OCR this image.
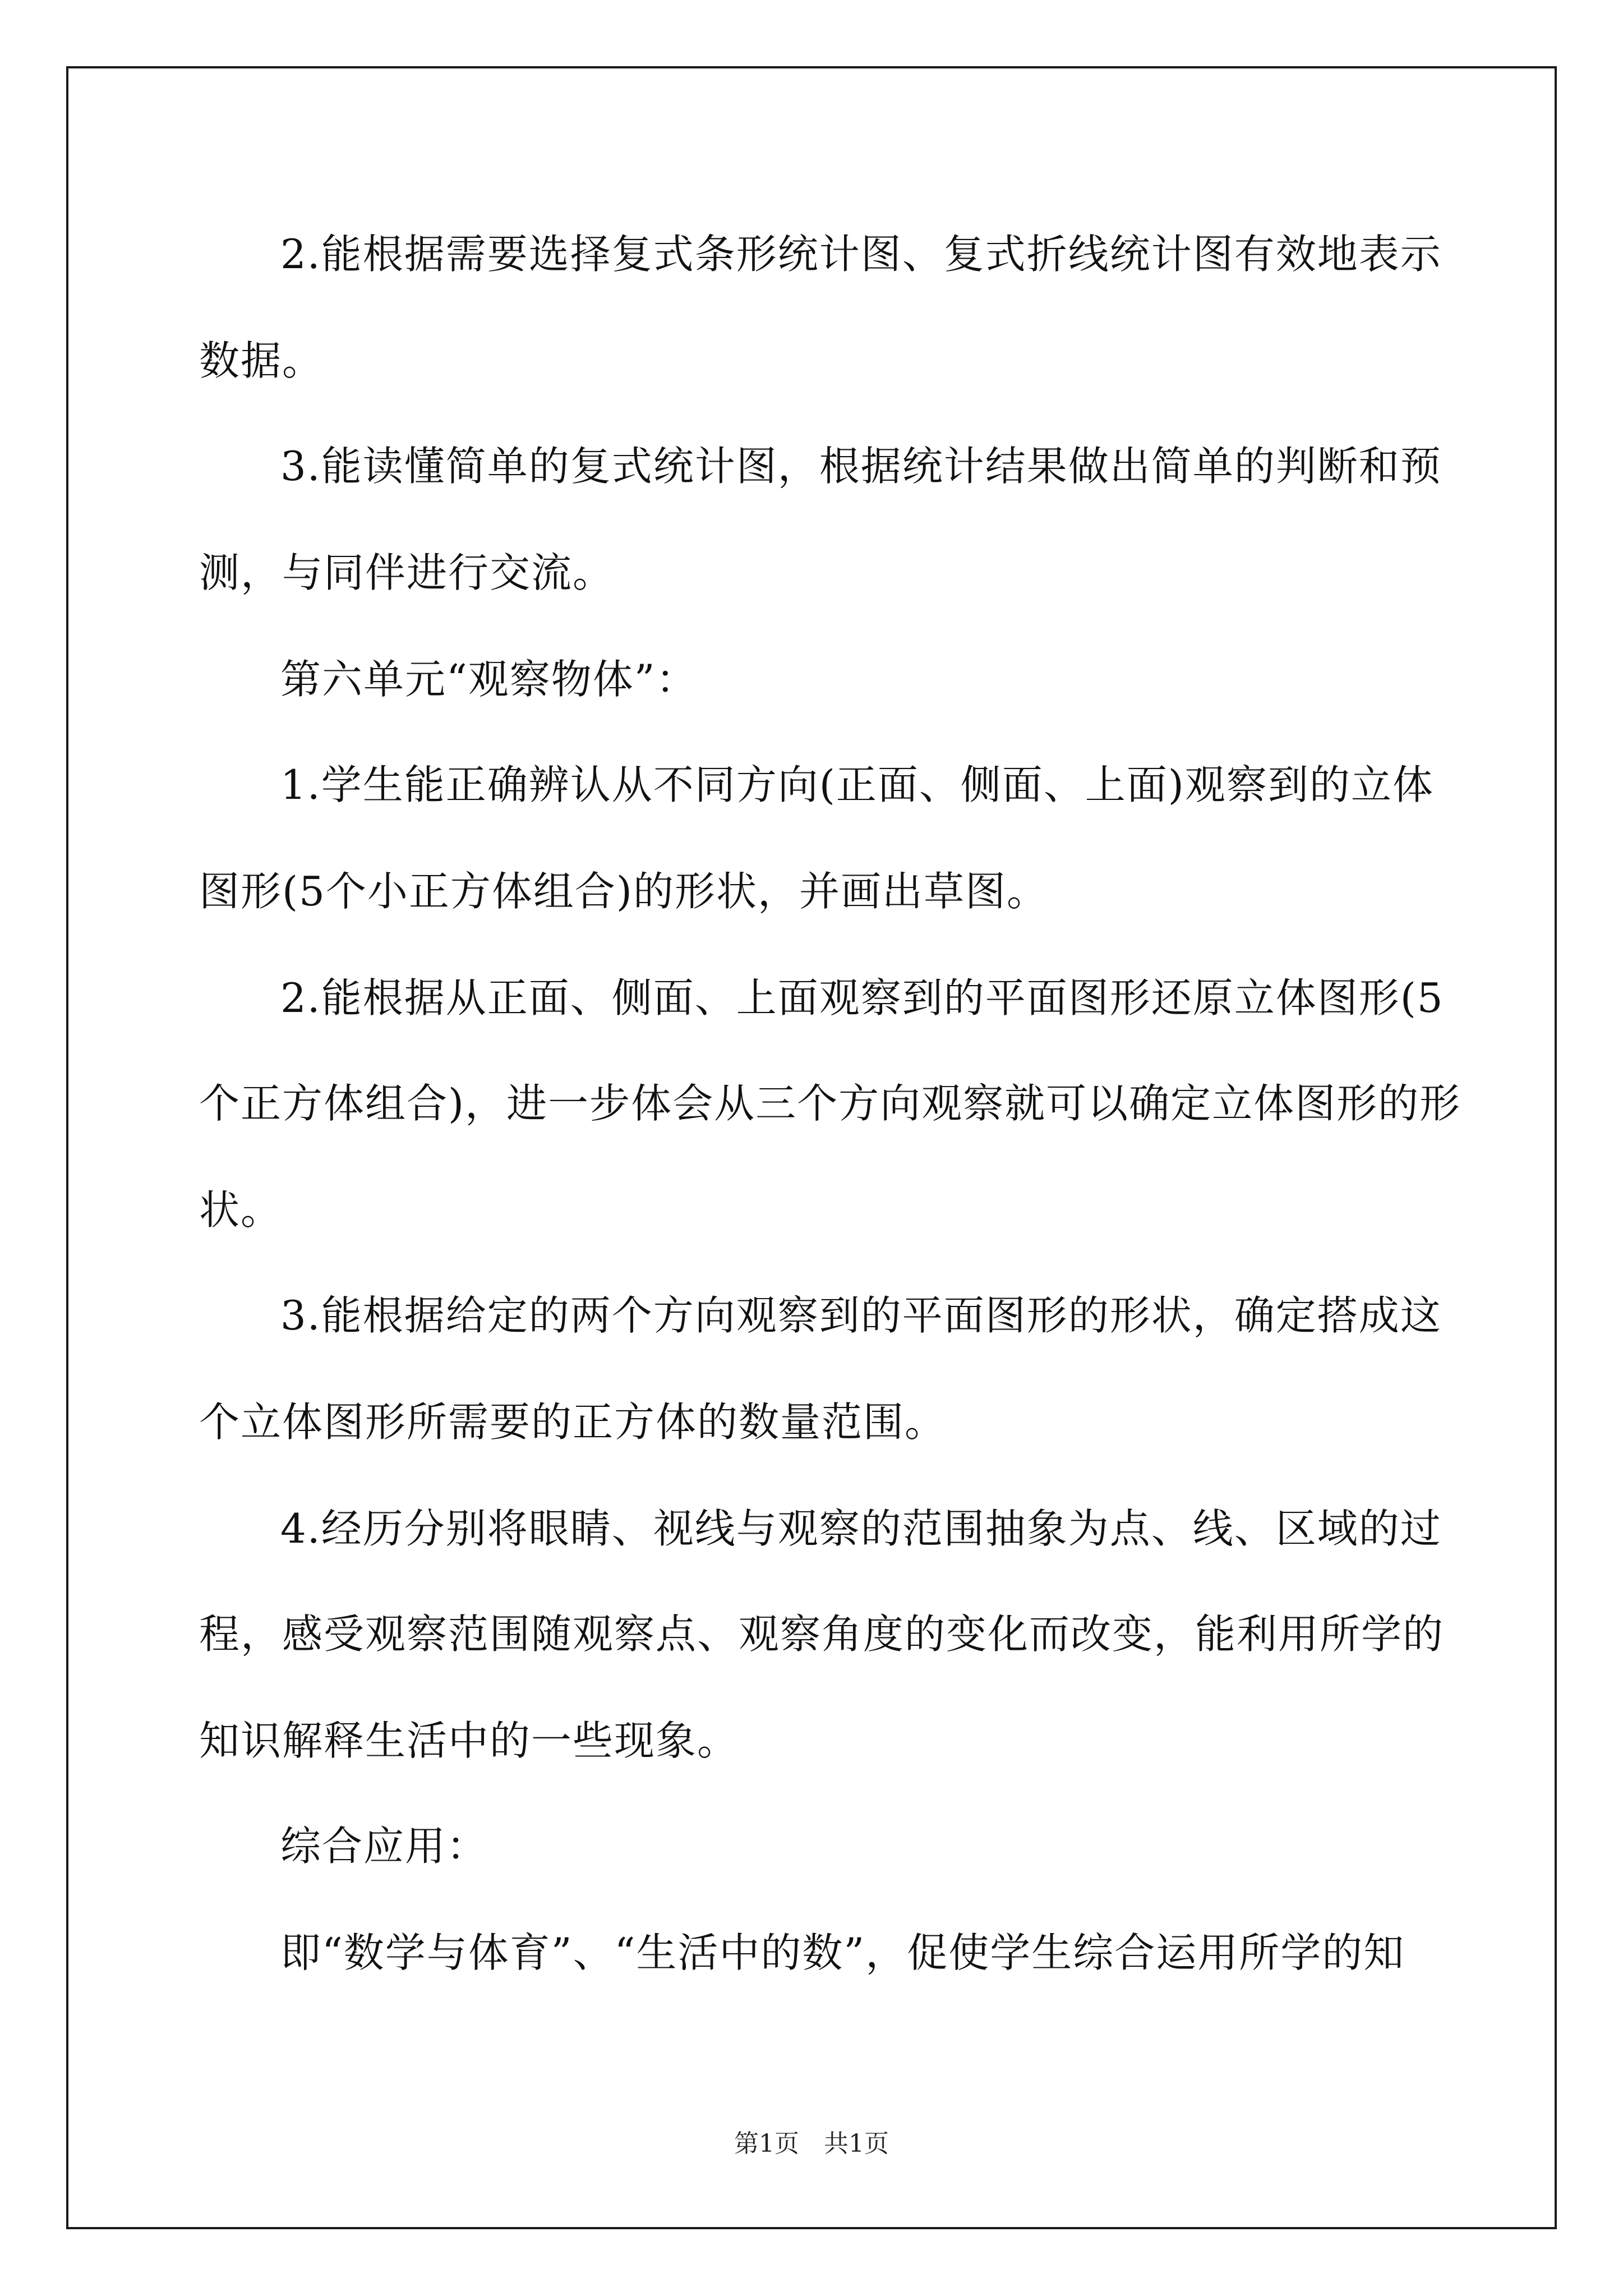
2.能根据需要选择复式条形统计图、复式折线统计图有效地表示
数据。
3.能读懂简单的复式统计图，根据统计结果做出简单的判断和预
测，与同伴进行交流。
第六单元“观察物体”：
1.学生能正确辨认从不同方向(正面、侧面、上面)观察到的立体
图形(5个小正方体组合)的形状，并画出草图。
2.能根据从正面、侧面、上面观察到的平面图形还原立体图形(5
个正方体组合)，进一步体会从三个方向观察就可以确定立体图形的形
状。
3.能根据给定的两个方向观察到的平面图形的形状，确定搭成这
个立体图形所需要的正方体的数量范围。
4.经历分别将眼睛、视线与观察的范围抽象为点、线、区域的过
程，感受观察范围随观察点、观察角度的变化而改变，能利用所学的
知识解释生活中的一些现象。
综合应用：
即“数学与体育”、“生活中的数”，促使学生综合运用所学的知
第1页　共1页
